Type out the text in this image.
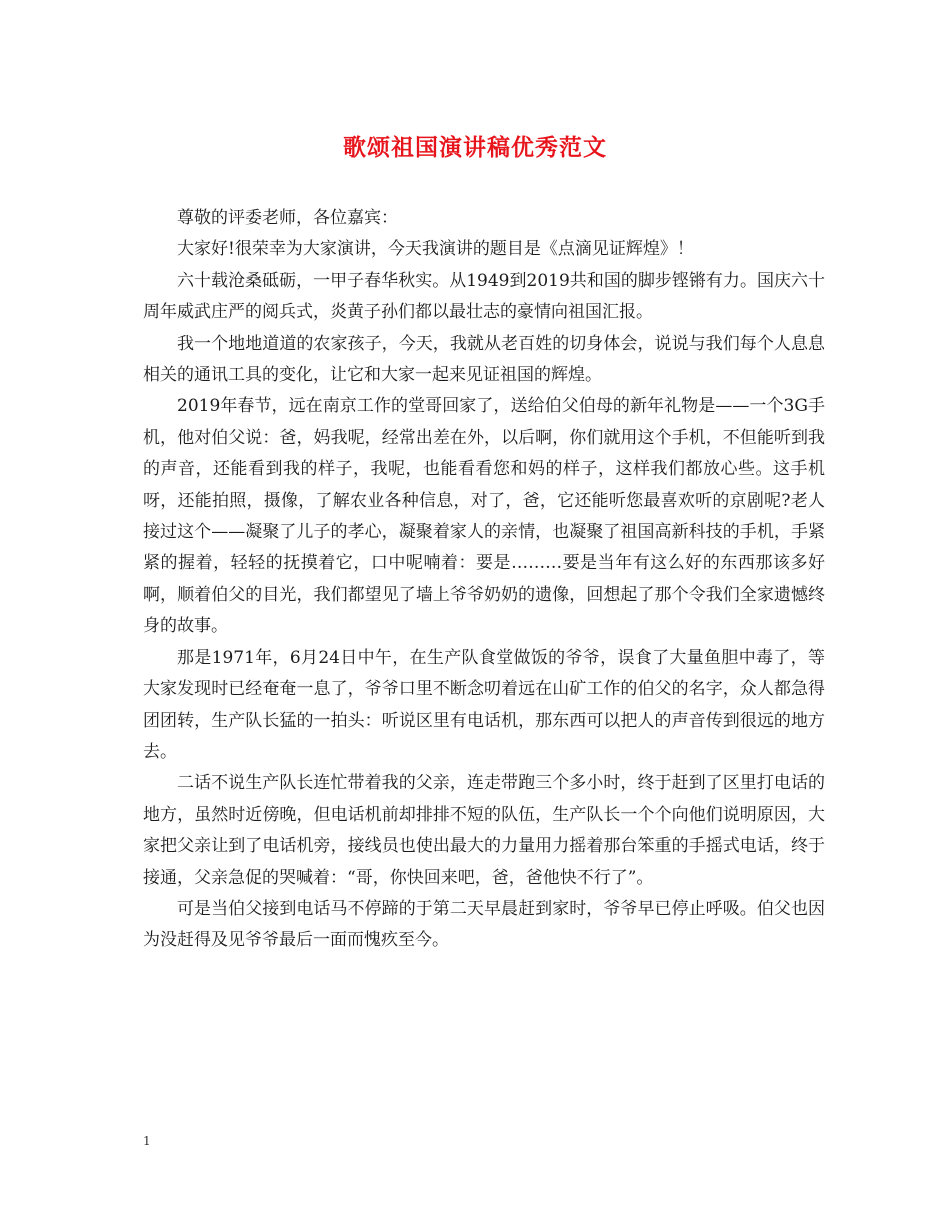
歌颂祖国演讲稿优秀范文

尊敬的评委老师，各位嘉宾：

大家好!很荣幸为大家演讲，今天我演讲的题目是《点滴见证辉煌》！

六十载沧桑砥砺，一甲子春华秋实。从1949到2019共和国的脚步铿锵有力。国庆六十周年威武庄严的阅兵式，炎黄子孙们都以最壮志的豪情向祖国汇报。

我一个地地道道的农家孩子，今天，我就从老百姓的切身体会，说说与我们每个人息息相关的通讯工具的变化，让它和大家一起来见证祖国的辉煌。

2019年春节，远在南京工作的堂哥回家了，送给伯父伯母的新年礼物是——一个3G手机，他对伯父说：爸，妈我呢，经常出差在外，以后啊，你们就用这个手机，不但能听到我的声音，还能看到我的样子，我呢，也能看看您和妈的样子，这样我们都放心些。这手机呀，还能拍照，摄像，了解农业各种信息，对了，爸，它还能听您最喜欢听的京剧呢?老人接过这个——凝聚了儿子的孝心，凝聚着家人的亲情，也凝聚了祖国高新科技的手机，手紧紧的握着，轻轻的抚摸着它，口中呢喃着：要是………要是当年有这么好的东西那该多好啊，顺着伯父的目光，我们都望见了墙上爷爷奶奶的遗像，回想起了那个令我们全家遗憾终身的故事。

那是1971年，6月24日中午，在生产队食堂做饭的爷爷，误食了大量鱼胆中毒了，等大家发现时已经奄奄一息了，爷爷口里不断念叨着远在山矿工作的伯父的名字，众人都急得团团转，生产队长猛的一拍头：听说区里有电话机，那东西可以把人的声音传到很远的地方去。

二话不说生产队长连忙带着我的父亲，连走带跑三个多小时，终于赶到了区里打电话的地方，虽然时近傍晚，但电话机前却排排不短的队伍，生产队长一个个向他们说明原因，大家把父亲让到了电话机旁，接线员也使出最大的力量用力摇着那台笨重的手摇式电话，终于接通，父亲急促的哭喊着：“哥，你快回来吧，爸，爸他快不行了”。

可是当伯父接到电话马不停蹄的于第二天早晨赶到家时，爷爷早已停止呼吸。伯父也因为没赶得及见爷爷最后一面而愧疚至今。

1
